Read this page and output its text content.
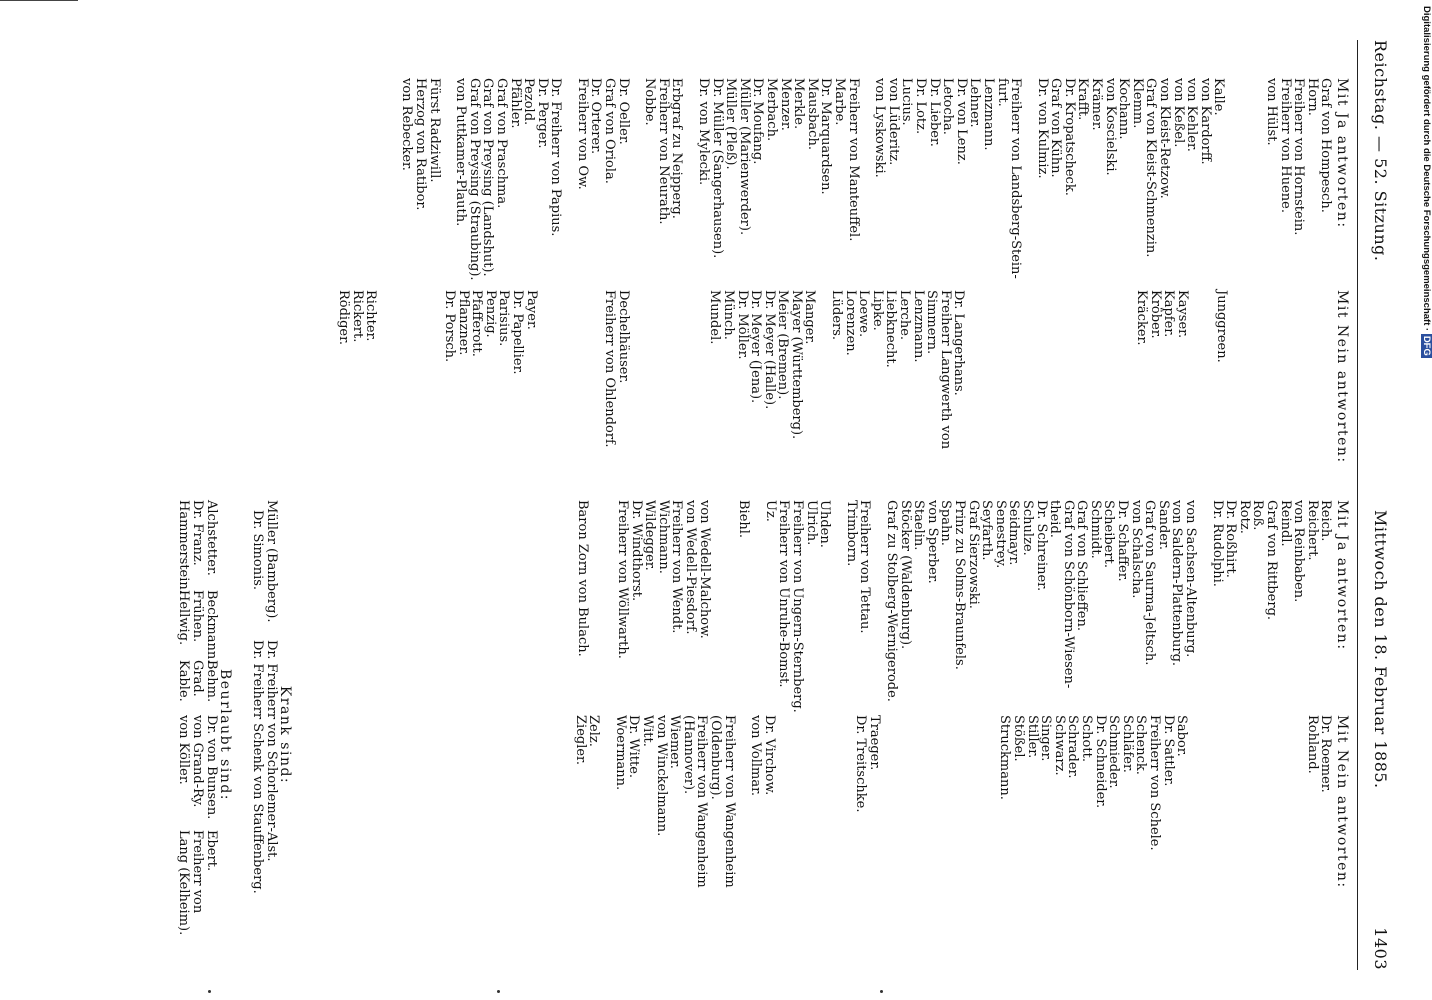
Reichstag. — 52. Sitzung.
Mittwoch den 18. Februar 1885.
1403
Mit Ja antworten:
Graf von Hompesch.
Horn.
Freiherr von Hornstein.
Freiherr von Huene.
von Hülst.
Kalle.
von Kardorff.
von Kehler.
von Keßel.
von Kleist-Retzow.
Graf von Kleist-Schmenzin.
Klemm.
Kochann.
von Koscielski.
Krämer.
Krafft.
Dr. Kropatscheck.
Graf von Kühn.
Dr. von Kulmiz.
Freiherr von Landsberg-Stein-
furt.
Lenzmann.
Lehner.
Dr. von Lenz.
Letocha.
Dr. Lieber.
Dr. Lotz.
Lucius.
von Lüderitz.
von Lyskowski.
Freiherr von Manteuffel.
Marbe.
Dr. Marquardsen.
Mausbach.
Merkle.
Menzer.
Merbach.
Dr. Moufang.
Müller (Marienwerder).
Müller (Pleß).
Dr. Müller (Sangerhausen).
Dr. von Mylecki.
Erbgraf zu Neipperg.
Freiherr von Neurath.
Nobbe.
Dr. Oeller.
Graf von Oriola.
Dr. Orterer.
Freiherr von Ow.
Dr. Freiherr von Papius.
Dr. Perger.
Pezold.
Pfähler.
Graf von Praschma.
Graf von Preysing (Landshut).
Graf von Preysing (Straubing).
von Puttkamer-Plauth.
Fürst Radziwill.
Herzog von Ratibor.
von Rebecker.
Mit Nein antworten:
Junggreen.
Kayser.
Kapfer.
Kröber.
Kräcker.
Dr. Langerhans.
Freiherr Langwerth von
Simmern.
Lenzmann.
Lerche.
Liebknecht.
Lipke.
Loewe.
Lorenzen.
Lüders.
Manger.
Mayer (Württemberg).
Meier (Bremen).
Dr. Meyer (Halle).
Dr. Meyer (Jena).
Dr. Möller.
Münch.
Mundel.
Dechelhäuser.
Freiherr von Ohlendorf.
Payer.
Dr. Papellier.
Parisius.
Penzig.
Pfafferott.
Pflanzner.
Dr. Porsch.
Richter.
Rickert.
Rödiger.
Mit Ja antworten:
Reich.
Reichert.
von Reinbaben.
Reindl.
Graf von Rittberg.
Roß.
Rotz.
Dr. Roßhirt.
Dr. Rudolphi.
von Sachsen-Altenburg.
von Saldern-Plattenburg.
Sander.
Graf von Saurma-Jeltsch.
von Schalscha.
Dr. Schaffer.
Scheibert.
Schmidt.
Graf von Schlieffen.
Graf von Schönborn-Wiesen-
theid.
Dr. Schreiner.
Schulze.
Seidmayr.
Senestrey.
Seyfarth.
Graf Sierzowski.
Prinz zu Solms-Braunfels.
Spahn.
von Sperber.
Staelin.
Stöcker (Waldenburg).
Graf zu Stolberg-Wernigerode.
Freiherr von Tettau.
Trimborn.
Uhden.
Ulrich.
Freiherr von Ungern-Sternberg.
Freiherr von Unruhe-Bomst.
Uz.
Biehl.
von Wedell-Malchow.
von Wedell-Piesdorf.
Freiherr von Wendt.
Wichmann.
Wildegger.
Dr. Windthorst.
Freiherr von Wöllwarth.
Baron Zorn von Bulach.
Mit Nein antworten:
Dr. Roemer.
Rohland.
Sabor.
Dr. Sattler.
Freiherr von Schele.
Schenck.
Schläfer.
Schmieder.
Dr. Schneider.
Schott.
Schrader.
Schwarz.
Singer.
Stiller.
Stößel.
Struckmann.
Traeger.
Dr. Treitschke.
Dr. Virchow.
von Vollmar.
Freiherr von Wangenheim
(Oldenburg).
Freiherr von Wangenheim
(Hannover).
Wiemer.
von Winckelmann.
Witt.
Dr. Witte.
Woermann.
Zelz.
Ziegler.
Krank sind:
Müller (Bamberg).
Dr. Freiherr von Schorlemer-Alst.
Dr. Simonis.
Dr. Freiherr Schenk von Stauffenberg.
Beurlaubt sind:
Alchstetter.
Beckmann.
Behm.
Dr. von Bunsen.
Ebert.
Dr. Franz.
Frühen.
Grad.
von Grand-Ry.
Freiherr von
Hammerstein.
Hellwig.
Kable.
von Köller.
Lang (Kelheim).
Digitalisierung gefördert durch die Deutsche Forschungsgemeinschaft · DFG
